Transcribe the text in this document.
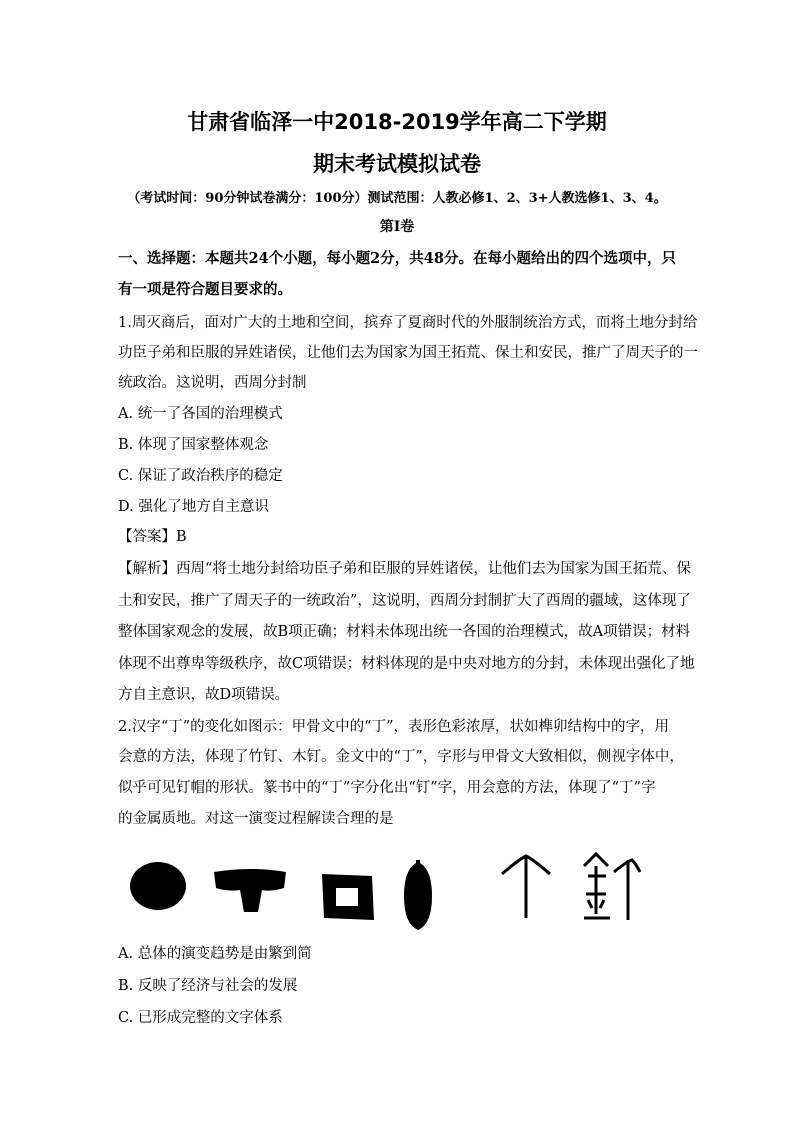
甘肃省临泽一中2018-2019学年高二下学期
期末考试模拟试卷
（考试时间：90分钟试卷满分：100分）测试范围：人教必修1、2、3+人教选修1、3、4。
第Ⅰ卷
一、选择题：本题共24个小题，每小题2分，共48分。在每小题给出的四个选项中，只
有一项是符合题目要求的。
1.周灭商后，面对广大的土地和空间，摈弃了夏商时代的外服制统治方式，而将土地分封给
功臣子弟和臣服的异姓诸侯，让他们去为国家为国王拓荒、保土和安民，推广了周天子的一
统政治。这说明，西周分封制
A. 统一了各国的治理模式
B. 体现了国家整体观念
C. 保证了政治秩序的稳定
D. 强化了地方自主意识
【答案】B
【解析】西周“将土地分封给功臣子弟和臣服的异姓诸侯，让他们去为国家为国王拓荒、保
土和安民，推广了周天子的一统政治”，这说明，西周分封制扩大了西周的疆域，这体现了
整体国家观念的发展，故B项正确；材料未体现出统一各国的治理模式，故A项错误；材料
体现不出尊卑等级秩序，故C项错误；材料体现的是中央对地方的分封，未体现出强化了地
方自主意识，故D项错误。
2.汉字“丁”的变化如图示：甲骨文中的“丁”，表形色彩浓厚，状如榫卯结构中的字，用
会意的方法，体现了竹钉、木钉。金文中的“丁”，字形与甲骨文大致相似，侧视字体中，
似乎可见钉帽的形状。篆书中的“丁”字分化出“钉”字，用会意的方法，体现了“丁”字
的金属质地。对这一演变过程解读合理的是
A. 总体的演变趋势是由繁到简
B. 反映了经济与社会的发展
C. 已形成完整的文字体系
